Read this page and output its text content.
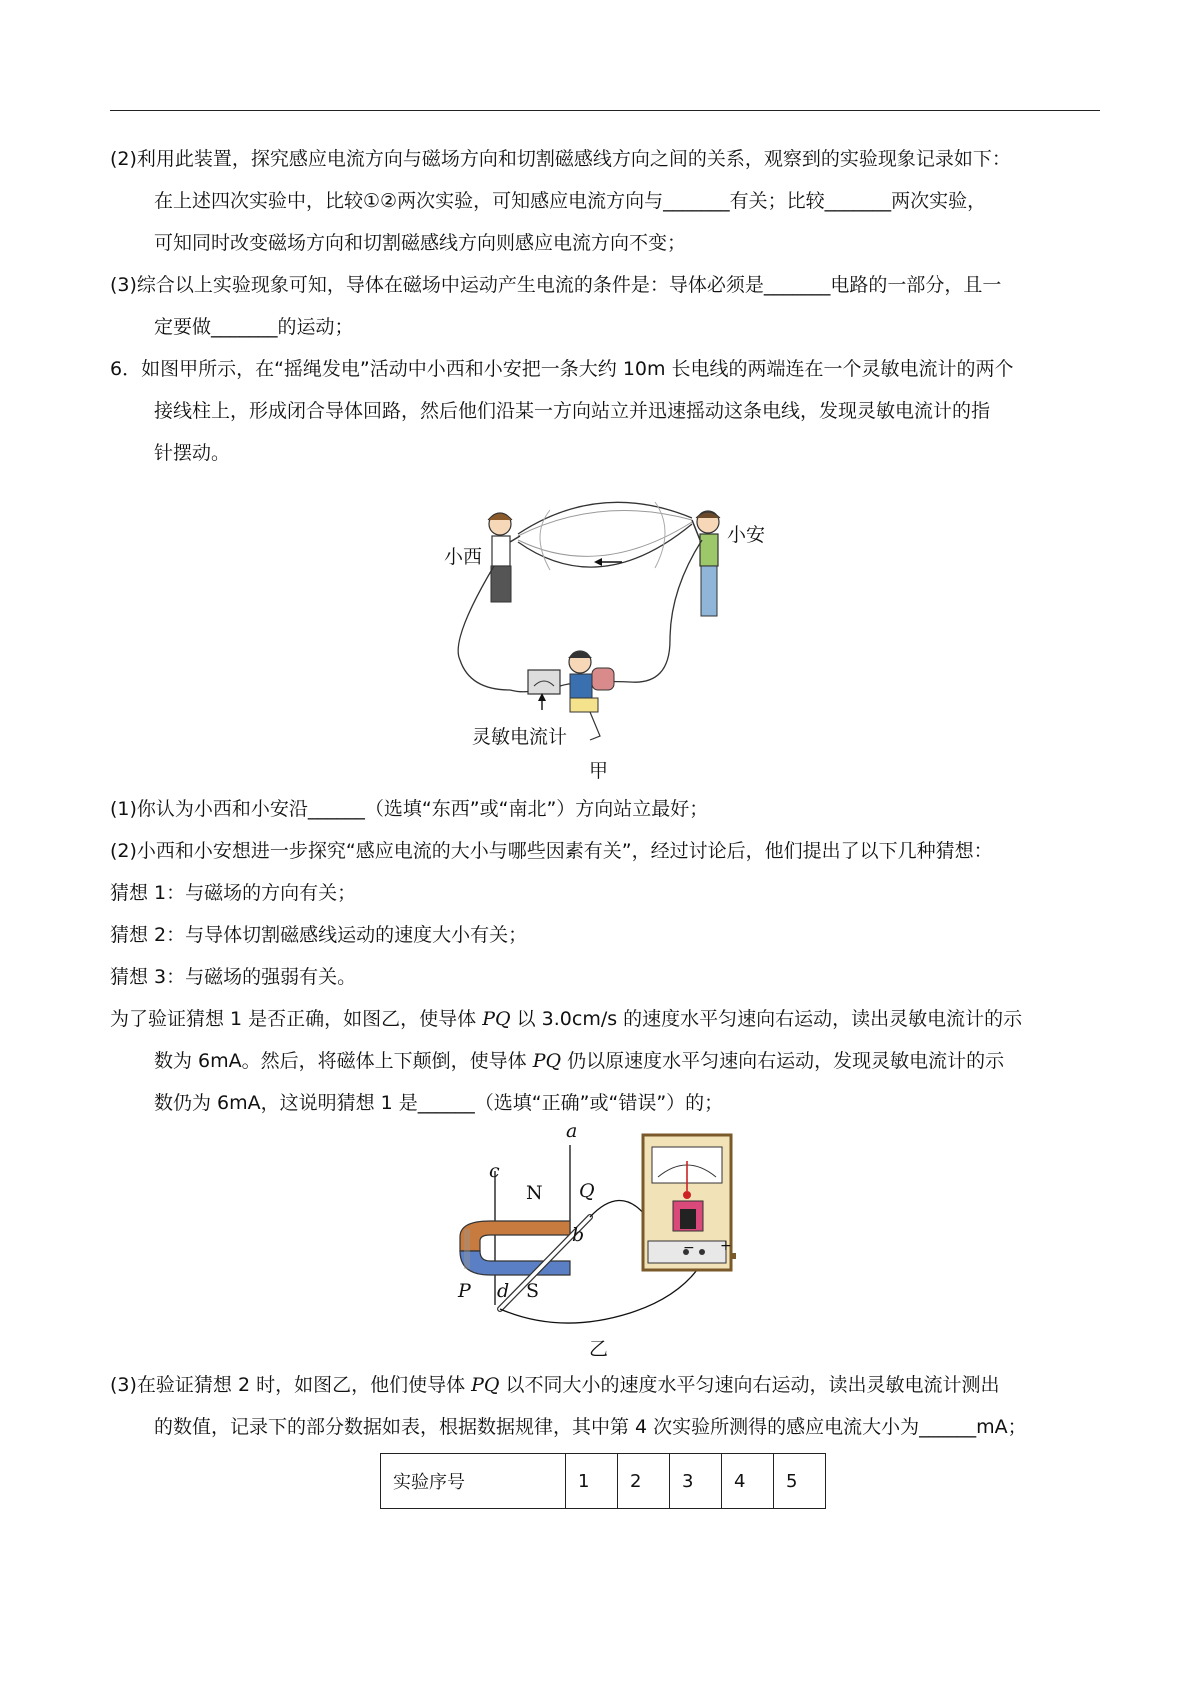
(2)利用此装置，探究感应电流方向与磁场方向和切割磁感线方向之间的关系，观察到的实验现象记录如下：
在上述四次实验中，比较①②两次实验，可知感应电流方向与_______有关；比较_______两次实验，
可知同时改变磁场方向和切割磁感线方向则感应电流方向不变；
(3)综合以上实验现象可知，导体在磁场中运动产生电流的条件是：导体必须是_______电路的一部分，且一
定要做_______的运动；
6．如图甲所示，在“摇绳发电”活动中小西和小安把一条大约 10m 长电线的两端连在一个灵敏电流计的两个
接线柱上，形成闭合导体回路，然后他们沿某一方向站立并迅速摇动这条电线，发现灵敏电流计的指
针摆动。
小西
小安
灵敏电流计
甲
(1)你认为小西和小安沿______（选填“东西”或“南北”）方向站立最好；
(2)小西和小安想进一步探究“感应电流的大小与哪些因素有关”，经过讨论后，他们提出了以下几种猜想：
猜想 1：与磁场的方向有关；
猜想 2：与导体切割磁感线运动的速度大小有关；
猜想 3：与磁场的强弱有关。
为了验证猜想 1 是否正确，如图乙，使导体 PQ 以 3.0cm/s 的速度水平匀速向右运动，读出灵敏电流计的示
数为 6mA。然后，将磁体上下颠倒，使导体 PQ 仍以原速度水平匀速向右运动，发现灵敏电流计的示
数仍为 6mA，这说明猜想 1 是______（选填“正确”或“错误”）的；
a
c
N Q
b
P d S
− +
乙
(3)在验证猜想 2 时，如图乙，他们使导体 PQ 以不同大小的速度水平匀速向右运动，读出灵敏电流计测出
的数值，记录下的部分数据如表，根据数据规律，其中第 4 次实验所测得的感应电流大小为______mA；
实验序号	1	2	3	4	5
